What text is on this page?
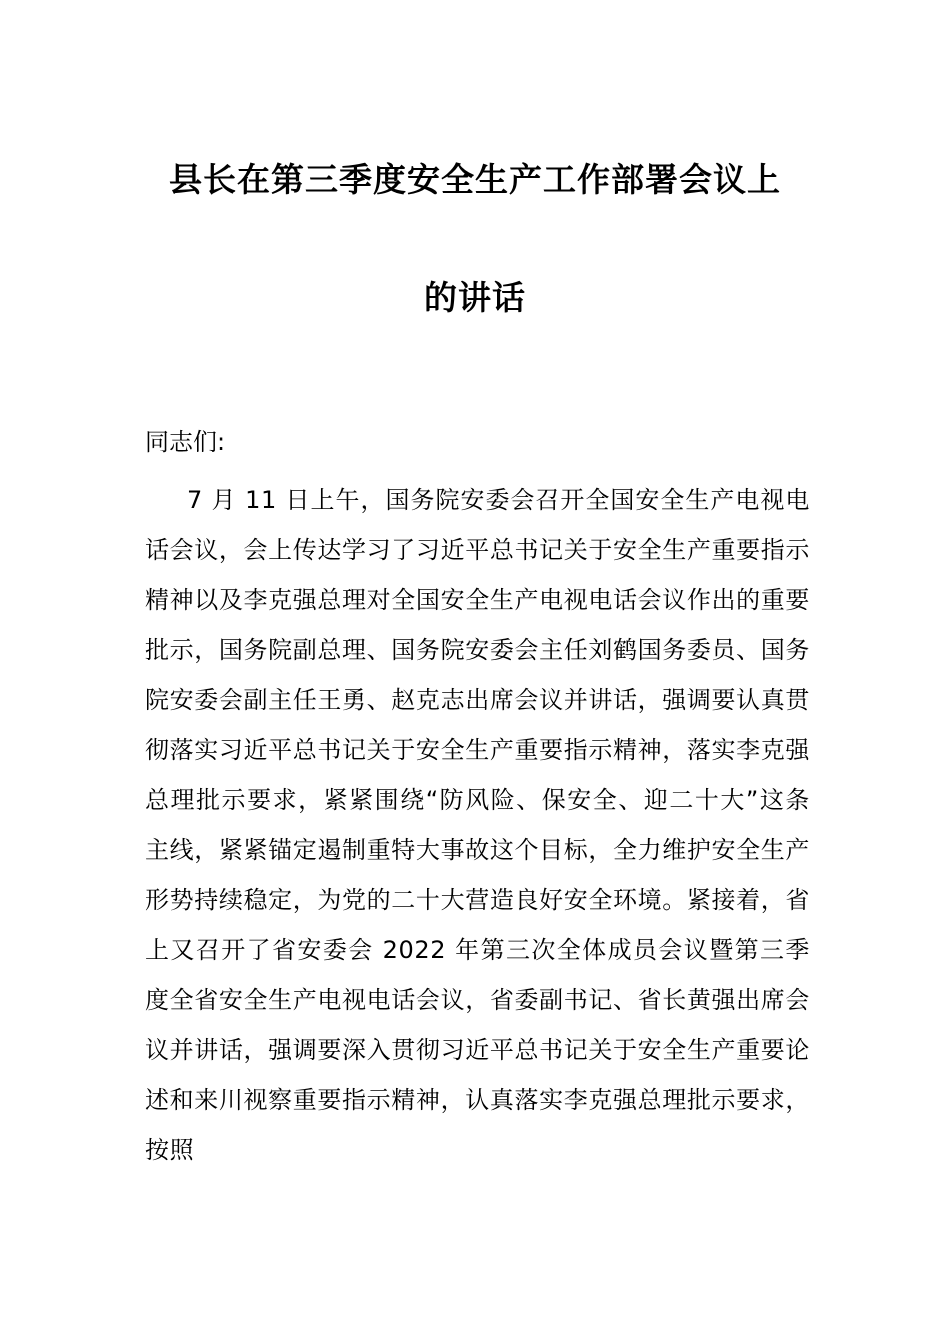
县长在第三季度安全生产工作部署会议上
的讲话
同志们:
7 月 11 日上午，国务院安委会召开全国安全生产电视电话会议，会上传达学习了习近平总书记关于安全生产重要指示精神以及李克强总理对全国安全生产电视电话会议作出的重要批示，国务院副总理、国务院安委会主任刘鹤国务委员、国务院安委会副主任王勇、赵克志出席会议并讲话，强调要认真贯彻落实习近平总书记关于安全生产重要指示精神，落实李克强总理批示要求，紧紧围绕“防风险、保安全、迎二十大”这条主线，紧紧锚定遏制重特大事故这个目标，全力维护安全生产形势持续稳定，为党的二十大营造良好安全环境。紧接着，省上又召开了省安委会 2022 年第三次全体成员会议暨第三季度全省安全生产电视电话会议，省委副书记、省长黄强出席会议并讲话，强调要深入贯彻习近平总书记关于安全生产重要论述和来川视察重要指示精神，认真落实李克强总理批示要求，按照
